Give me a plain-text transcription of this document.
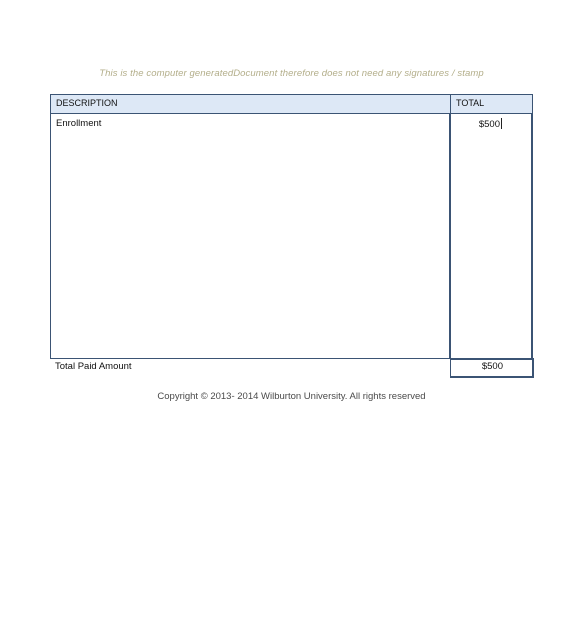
This is the computer generatedDocument therefore does not need any signatures / stamp
DESCRIPTION	TOTAL
Enrollment	$500
Total Paid Amount	$500
Copyright © 2013- 2014 Wilburton University. All rights reserved
